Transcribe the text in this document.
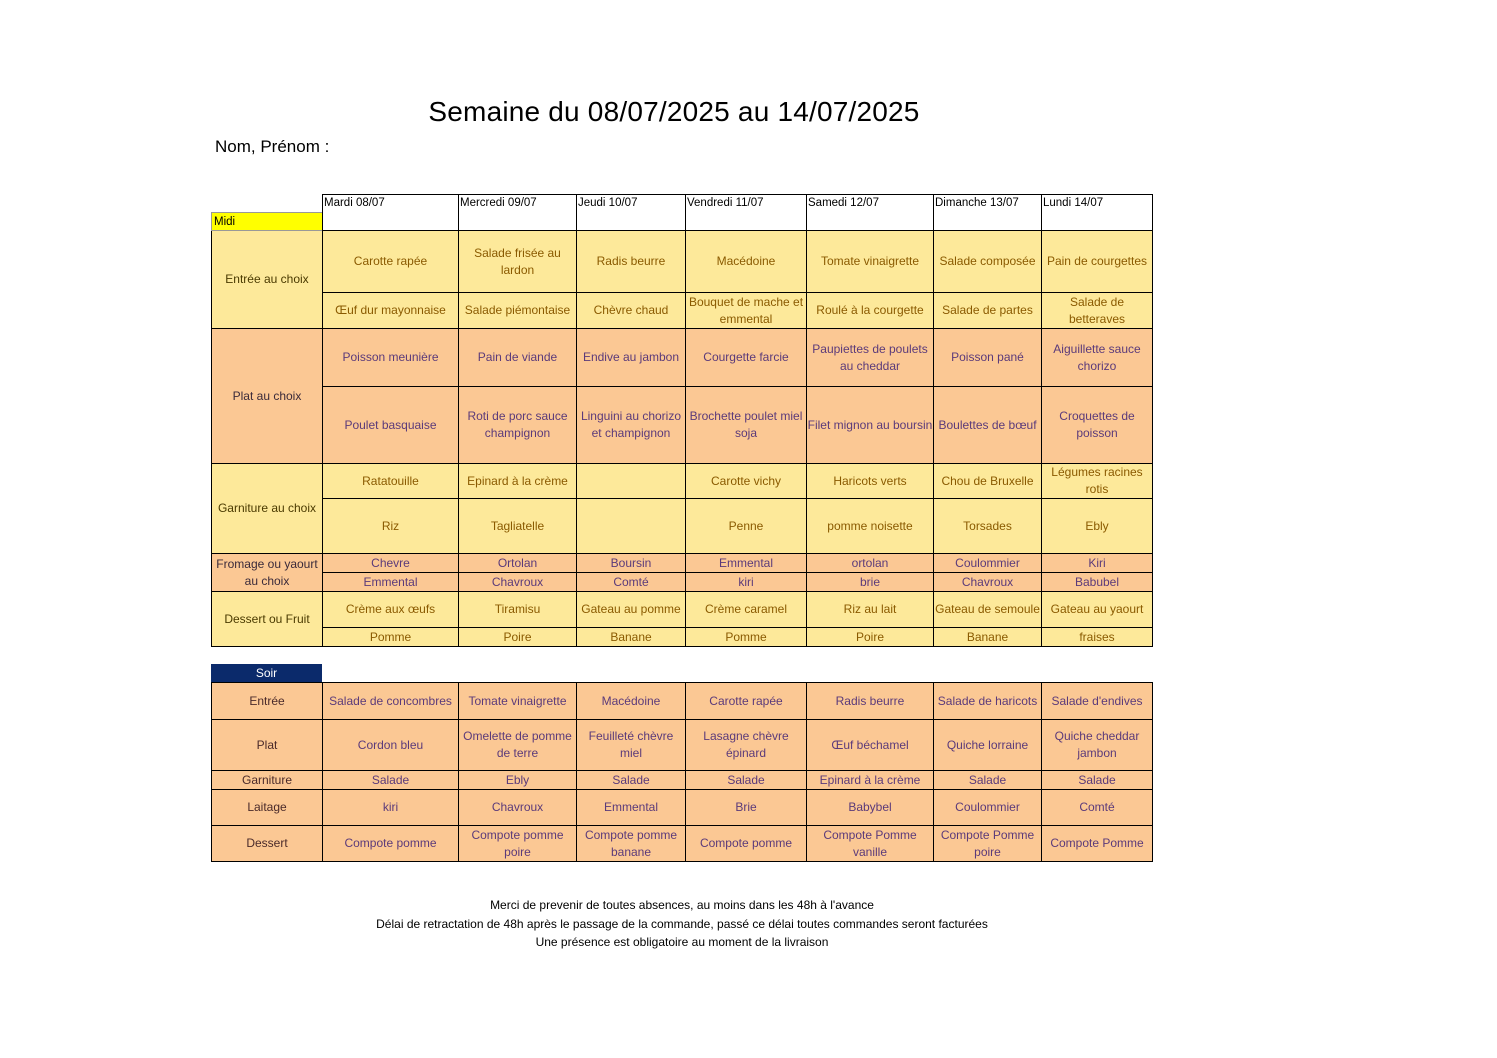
Semaine du 08/07/2025 au 14/07/2025
Nom, Prénom :
	Mardi 08/07	Mercredi 09/07	Jeudi 10/07	Vendredi 11/07	Samedi 12/07	Dimanche 13/07	Lundi 14/07
Midi							
Entrée au choix	Carotte rapée	Salade frisée au lardon	Radis beurre	Macédoine	Tomate vinaigrette	Salade composée	Pain de courgettes
	Œuf dur mayonnaise	Salade piémontaise	Chèvre chaud	Bouquet de mache et emmental	Roulé à la courgette	Salade de partes	Salade de betteraves
Plat au choix	Poisson meunière	Pain de viande	Endive au jambon	Courgette farcie	Paupiettes de poulets au cheddar	Poisson pané	Aiguillette sauce chorizo
	Poulet basquaise	Roti de porc sauce champignon	Linguini au chorizo et champignon	Brochette poulet miel soja	Filet mignon au boursin	Boulettes de bœuf	Croquettes de poisson
Garniture au choix	Ratatouille	Epinard à la crème		Carotte vichy	Haricots verts	Chou de Bruxelle	Légumes racines rotis
	Riz	Tagliatelle		Penne	pomme noisette	Torsades	Ebly
Fromage ou yaourt au choix	Chevre	Ortolan	Boursin	Emmental	ortolan	Coulommier	Kiri
	Emmental	Chavroux	Comté	kiri	brie	Chavroux	Babubel
Dessert ou Fruit	Crème aux œufs	Tiramisu	Gateau au pomme	Crème caramel	Riz au lait	Gateau de semoule	Gateau au yaourt
	Pomme	Poire	Banane	Pomme	Poire	Banane	fraises
Soir
Entrée	Salade de concombres	Tomate vinaigrette	Macédoine	Carotte rapée	Radis beurre	Salade de haricots	Salade d'endives
Plat	Cordon bleu	Omelette de pomme de terre	Feuilleté chèvre miel	Lasagne chèvre épinard	Œuf béchamel	Quiche lorraine	Quiche cheddar jambon
Garniture	Salade	Ebly	Salade	Salade	Epinard à la crème	Salade	Salade
Laitage	kiri	Chavroux	Emmental	Brie	Babybel	Coulommier	Comté
Dessert	Compote pomme	Compote pomme poire	Compote pomme banane	Compote pomme	Compote Pomme vanille	Compote Pomme poire	Compote Pomme
Merci de prevenir de toutes absences, au moins dans les 48h à l'avance
Délai de retractation de 48h après le passage de la commande, passé ce délai toutes commandes seront facturées
Une présence est obligatoire au moment de la livraison
